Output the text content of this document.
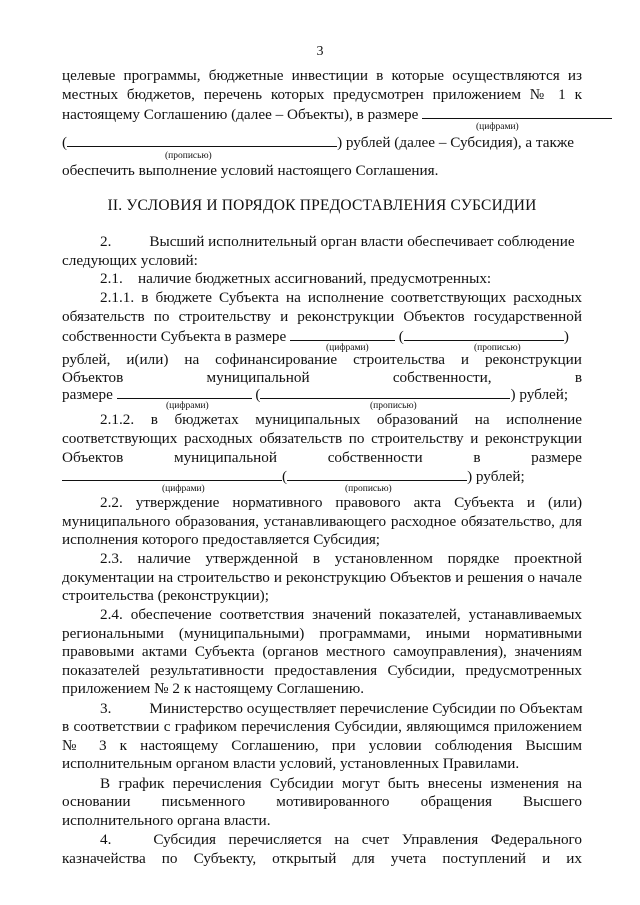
3
целевые программы, бюджетные инвестиции в которые осуществляются из
местных бюджетов, перечень которых предусмотрен приложением № 1 к
настоящему Соглашению (далее – Объекты), в размере
(цифрами)
(	) рублей (далее – Субсидия), а также
(прописью)
обеспечить выполнение условий настоящего Соглашения.
II. УСЛОВИЯ И ПОРЯДОК ПРЕДОСТАВЛЕНИЯ СУБСИДИИ
2.          Высший исполнительный орган власти обеспечивает соблюдение
следующих условий:
2.1.    наличие бюджетных ассигнований, предусмотренных:
2.1.1. в бюджете Субъекта на исполнение соответствующих расходных
обязательств по строительству и реконструкции Объектов государственной
собственности Субъекта в размере	(	)
(цифрами)	(прописью)
рублей, и(или) на софинансирование строительства и реконструкции
Объектов	муниципальной	собственности,	в
размере	(	) рублей;
(цифрами)	(прописью)
2.1.2. в бюджетах муниципальных образований на исполнение
соответствующих расходных обязательств по строительству и реконструкции
Объектов	муниципальной	собственности	в	размере
(	) рублей;
(цифрами)	(прописью)
2.2. утверждение нормативного правового акта Субъекта и (или)
муниципального образования, устанавливающего расходное обязательство, для
исполнения которого предоставляется Субсидия;
2.3. наличие утвержденной в установленном порядке проектной
документации на строительство и реконструкцию Объектов и решения о начале
строительства (реконструкции);
2.4. обеспечение соответствия значений показателей, устанавливаемых
региональными (муниципальными) программами, иными нормативными
правовыми актами Субъекта (органов местного самоуправления), значениям
показателей результативности предоставления Субсидии, предусмотренных
приложением № 2 к настоящему Соглашению.
3.          Министерство осуществляет перечисление Субсидии по Объектам
в соответствии с графиком перечисления Субсидии, являющимся приложением
№ 3 к настоящему Соглашению, при условии соблюдения Высшим
исполнительным органом власти условий, установленных Правилами.
В график перечисления Субсидии могут быть внесены изменения на
основании письменного мотивированного обращения Высшего
исполнительного органа власти.
4.          Субсидия   перечисляется   на   счет   Управления   Федерального
казначейства   по   Субъекту,   открытый   для   учета   поступлений   и   их
